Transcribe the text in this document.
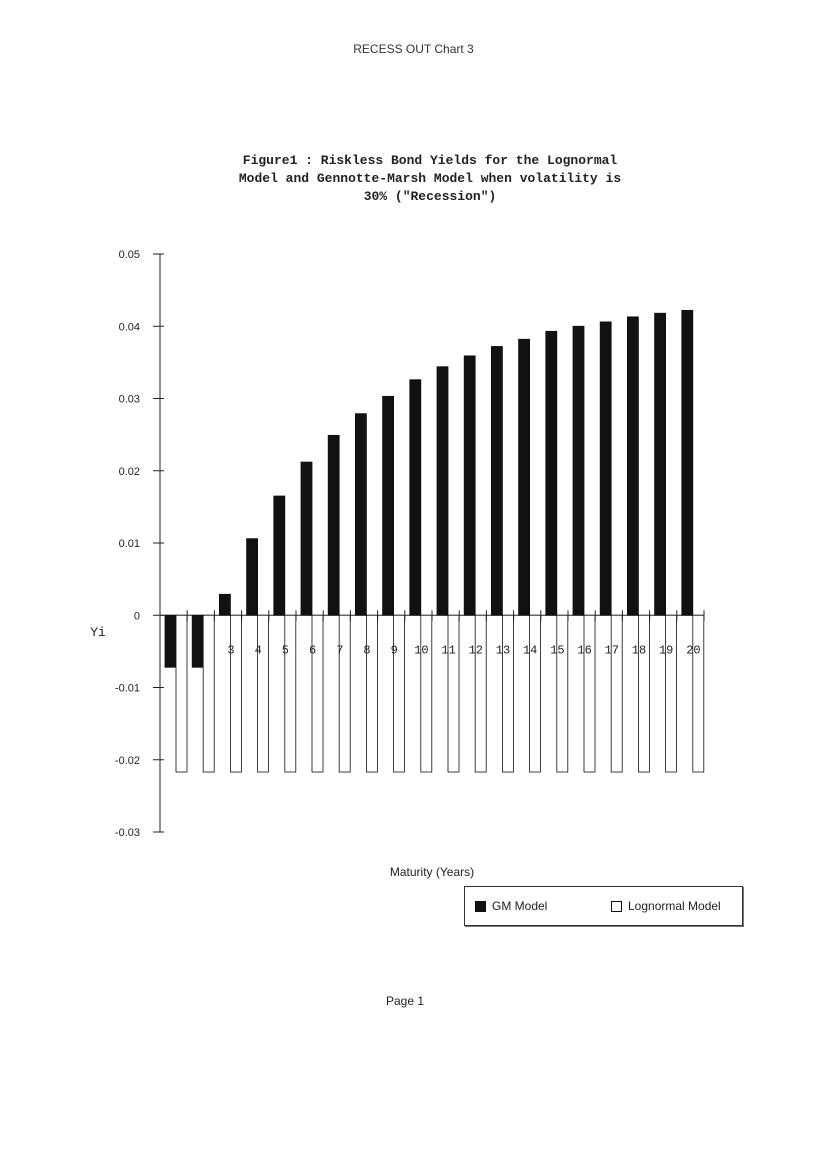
RECESS OUT Chart 3
Figure1 : Riskless Bond Yields for the Lognormal
Model and Gennotte-Marsh Model when volatility is
30% ("Recession")
0.05
0.04
0.03
0.02
0.01
0
-0.01
-0.02
-0.03
3 4 5 6 7 8 9 10 11 12 13 14 15 16 17 18 19 20
Yi
Maturity (Years)
GM Model	Lognormal Model
Page 1
